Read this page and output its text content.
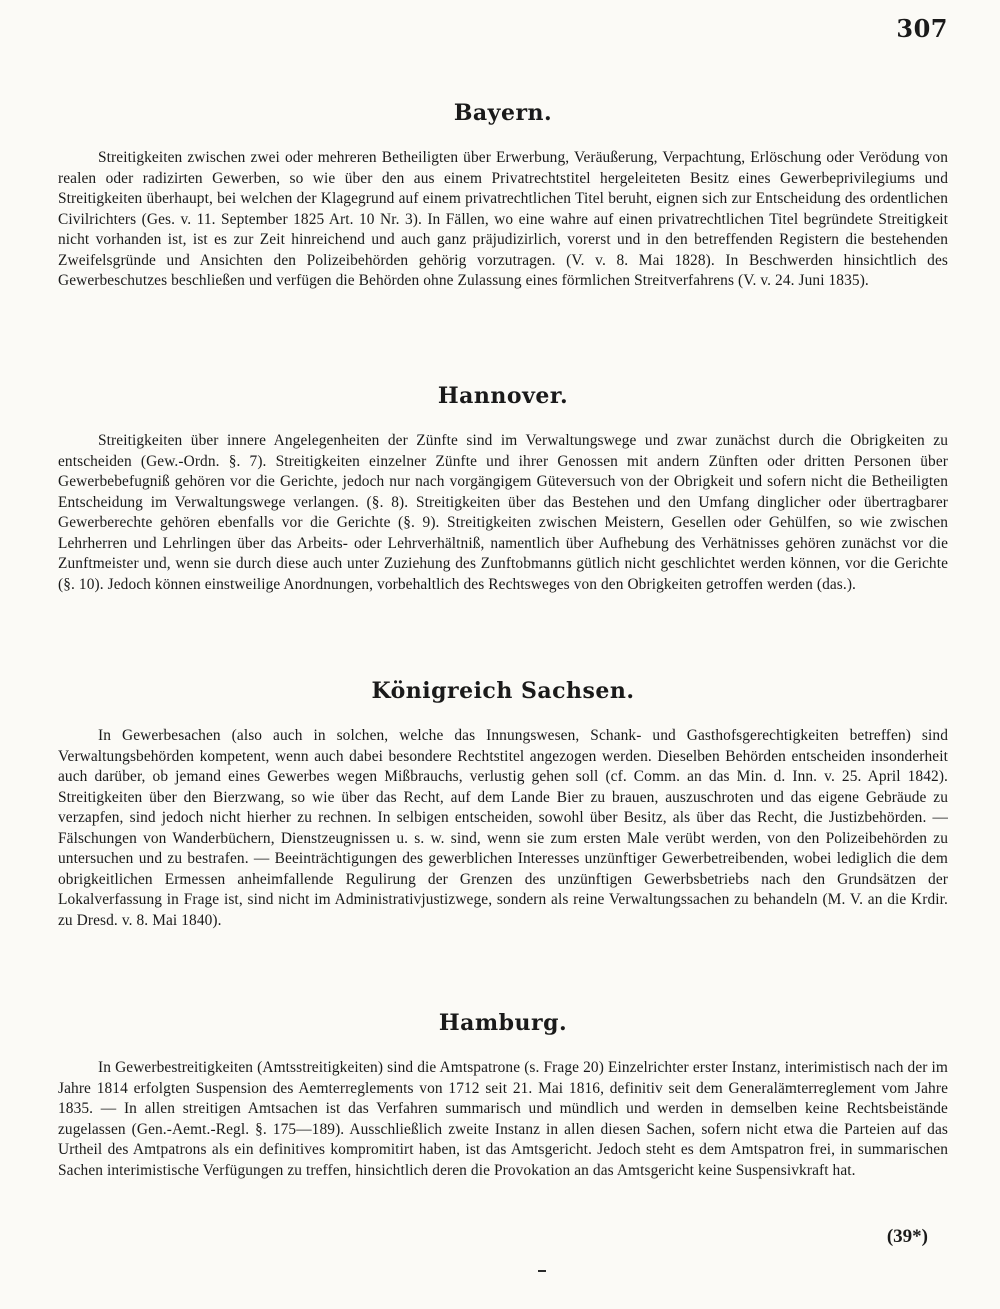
307
Bayern.

Streitigkeiten zwischen zwei oder mehreren Betheiligten über Erwerbung, Veräußerung, Verpachtung, Erlöschung oder Verödung von realen oder radizirten Gewerben, so wie über den aus einem Privatrechtstitel hergeleiteten Besitz eines Gewerbeprivilegiums und Streitigkeiten überhaupt, bei welchen der Klagegrund auf einem privatrechtlichen Titel beruht, eignen sich zur Entscheidung des ordentlichen Civilrichters (Ges. v. 11. September 1825 Art. 10 Nr. 3). In Fällen, wo eine wahre auf einen privatrechtlichen Titel begründete Streitigkeit nicht vorhanden ist, ist es zur Zeit hinreichend und auch ganz präjudizirlich, vorerst und in den betreffenden Registern die bestehenden Zweifelsgründe und Ansichten den Polizeibehörden gehörig vorzutragen. (V. v. 8. Mai 1828). In Beschwerden hinsichtlich des Gewerbeschutzes beschließen und verfügen die Behörden ohne Zulassung eines förmlichen Streitverfahrens (V. v. 24. Juni 1835).

Hannover.

Streitigkeiten über innere Angelegenheiten der Zünfte sind im Verwaltungswege und zwar zunächst durch die Obrigkeiten zu entscheiden (Gew.-Ordn. §. 7). Streitigkeiten einzelner Zünfte und ihrer Genossen mit andern Zünften oder dritten Personen über Gewerbebefugniß gehören vor die Gerichte, jedoch nur nach vorgängigem Güteversuch von der Obrigkeit und sofern nicht die Betheiligten Entscheidung im Verwaltungswege verlangen. (§. 8). Streitigkeiten über das Bestehen und den Umfang dinglicher oder übertragbarer Gewerberechte gehören ebenfalls vor die Gerichte (§. 9). Streitigkeiten zwischen Meistern, Gesellen oder Gehülfen, so wie zwischen Lehrherren und Lehrlingen über das Arbeits- oder Lehrverhältniß, namentlich über Aufhebung des Verhätnisses gehören zunächst vor die Zunftmeister und, wenn sie durch diese auch unter Zuziehung des Zunftobmanns gütlich nicht geschlichtet werden können, vor die Gerichte (§. 10). Jedoch können einstweilige Anordnungen, vorbehaltlich des Rechtsweges von den Obrigkeiten getroffen werden (das.).

Königreich Sachsen.

In Gewerbesachen (also auch in solchen, welche das Innungswesen, Schank- und Gasthofsgerechtigkeiten betreffen) sind Verwaltungsbehörden kompetent, wenn auch dabei besondere Rechtstitel angezogen werden. Dieselben Behörden entscheiden insonderheit auch darüber, ob jemand eines Gewerbes wegen Mißbrauchs, verlustig gehen soll (cf. Comm. an das Min. d. Inn. v. 25. April 1842). Streitigkeiten über den Bierzwang, so wie über das Recht, auf dem Lande Bier zu brauen, auszuschroten und das eigene Gebräude zu verzapfen, sind jedoch nicht hierher zu rechnen. In selbigen entscheiden, sowohl über Besitz, als über das Recht, die Justizbehörden. — Fälschungen von Wanderbüchern, Dienstzeugnissen u. s. w. sind, wenn sie zum ersten Male verübt werden, von den Polizeibehörden zu untersuchen und zu bestrafen. — Beeinträchtigungen des gewerblichen Interesses unzünftiger Gewerbetreibenden, wobei lediglich die dem obrigkeitlichen Ermessen anheimfallende Regulirung der Grenzen des unzünftigen Gewerbsbetriebs nach den Grundsätzen der Lokalverfassung in Frage ist, sind nicht im Administrativjustizwege, sondern als reine Verwaltungssachen zu behandeln (M. V. an die Krdir. zu Dresd. v. 8. Mai 1840).

Hamburg.

In Gewerbestreitigkeiten (Amtsstreitigkeiten) sind die Amtspatrone (s. Frage 20) Einzelrichter erster Instanz, interimistisch nach der im Jahre 1814 erfolgten Suspension des Aemterreglements von 1712 seit 21. Mai 1816, definitiv seit dem Generalämterreglement vom Jahre 1835. — In allen streitigen Amtsachen ist das Verfahren summarisch und mündlich und werden in demselben keine Rechtsbeistände zugelassen (Gen.-Aemt.-Regl. §. 175—189). Ausschließlich zweite Instanz in allen diesen Sachen, sofern nicht etwa die Parteien auf das Urtheil des Amtpatrons als ein definitives kompromitirt haben, ist das Amtsgericht. Jedoch steht es dem Amtspatron frei, in summarischen Sachen interimistische Verfügungen zu treffen, hinsichtlich deren die Provokation an das Amtsgericht keine Suspensivkraft hat.

(39*)
